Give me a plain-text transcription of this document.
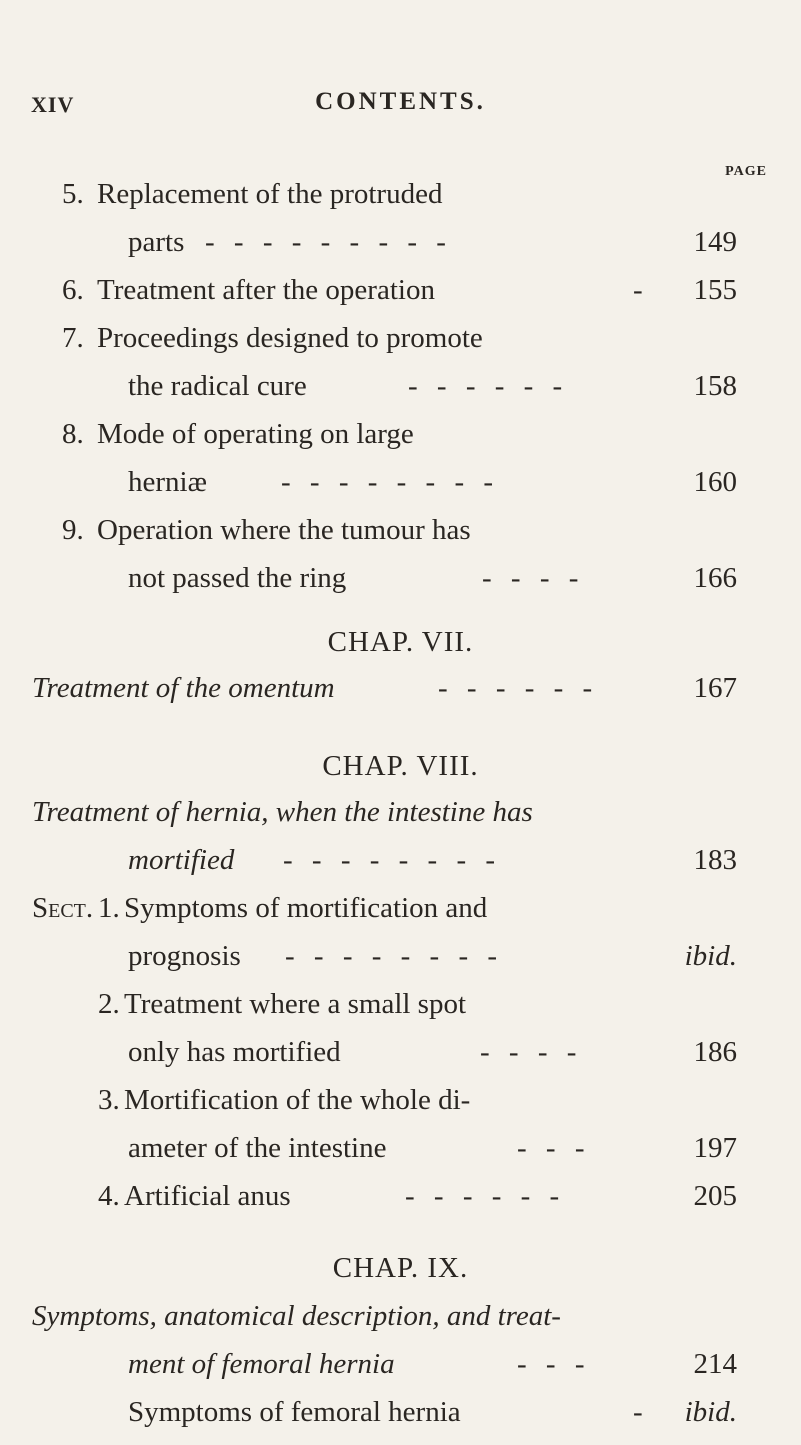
XIV	CONTENTS.
PAGE
5. Replacement of the protruded
parts - - - - - - - - -	149
6. Treatment after the operation	- 155
7. Proceedings designed to promote
the radical cure	- - - - - -	158
8. Mode of operating on large
herniæ	- - - - - - - -	160
9. Operation where the tumour has
not passed the ring	- - - -	166
CHAP. VII.
Treatment of the omentum	- - - - - -	167
CHAP. VIII.
Treatment of hernia, when the intestine has
mortified - - - - - - - -	183
Sect. 1. Symptoms of mortification and
prognosis - - - - - - - -	ibid.
2. Treatment where a small spot
only has mortified	- - - -	186
3. Mortification of the whole di-
ameter of the intestine	- - -	197
4. Artificial anus	- - - - - -	205
CHAP. IX.
Symptoms, anatomical description, and treat-
ment of femoral hernia	- - -	214
Symptoms of femoral hernia	- ibid.
